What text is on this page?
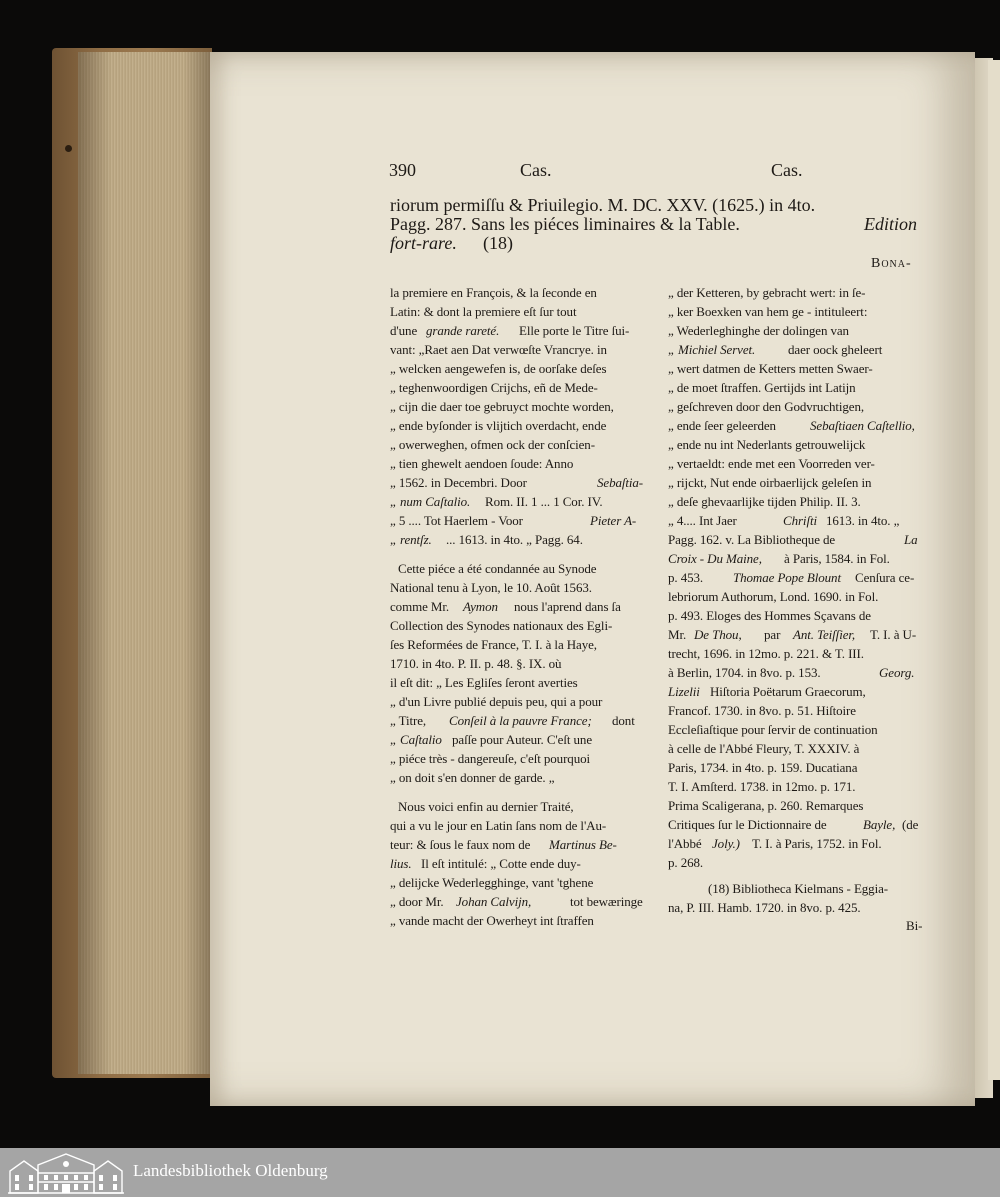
390	Cas.	Cas.
riorum permiſſu & Priuilegio. M. DC. XXV. (1625.) in 4to.
Pagg. 287. Sans les piéces liminaires & la Table.	Edition
fort-rare. (18)
Bona-
la premiere en François, & la ſeconde en
Latin: & dont la premiere eſt ſur tout
d'une grande rareté. Elle porte le Titre ſui-
vant: „Raet aen Dat verwœſte Vrancrye. in
„ welcken aengewefen is, de oorſake deſes
„ teghenwoordigen Crijchs, eñ de Mede-
„ cijn die daer toe gebruyct mochte worden,
„ ende byſonder is vlijtich overdacht, ende
„ owerweghen, ofmen ock der conſcien-
„ tien ghewelt aendoen ſoude: Anno
„ 1562. in Decembri. Door	Sebaſtia-
„ num Caſtalio. Rom. II. 1 ... 1 Cor. IV.
„ 5 .... Tot Haerlem - Voor	Pieter A-
„ rentſz. ... 1613. in 4to. „ Pagg. 64.
Cette piéce a été condannée au Synode
National tenu à Lyon, le 10. Août 1563.
comme Mr. Aymon nous l'aprend dans ſa
Collection des Synodes nationaux des Egli-
ſes Reformées de France, T. I. à la Haye,
1710. in 4to. P. II. p. 48. §. IX. où
il eſt dit: „ Les Egliſes ſeront averties
„ d'un Livre publié depuis peu, qui a pour
„ Titre, Conſeil à la pauvre France; dont
„ Caſtalio paſſe pour Auteur. C'eſt une
„ piéce très - dangereuſe, c'eſt pourquoi
„ on doit s'en donner de garde. „
Nous voici enfin au dernier Traité,
qui a vu le jour en Latin ſans nom de l'Au-
teur: & ſous le faux nom de Martinus Be-
lius. Il eſt intitulé: „ Cotte ende duy-
„ delijcke Wederlegghinge, vant 'tghene
„ door Mr. Johan Calvijn,	tot bewæringe
„ vande macht der Owerheyt int ſtraffen
„ der Ketteren, by gebracht wert: in ſe-
„ ker Boexken van hem ge - intituleert:
„ Wederleghinghe der dolingen van
„ Michiel Servet.	daer oock gheleert
„ wert datmen de Ketters metten Swaer-
„ de moet ſtraffen. Gertijds int Latijn
„ geſchreven door den Godvruchtigen,
„ ende ſeer geleerden	Sebaſtiaen Caſtellio,
„ ende nu int Nederlants getrouwelijck
„ vertaeldt: ende met een Voorreden ver-
„ rijckt, Nut ende oirbaerlijck geleſen in
„ deſe ghevaarlijke tijden Philip. II. 3.
„ 4.... Int Jaer	Chriſti 1613. in 4to. „
Pagg. 162. v. La Bibliotheque de	La
Croix - Du Maine, à Paris, 1584. in Fol.
p. 453. Thomae Pope Blount Cenſura ce-
lebriorum Authorum, Lond. 1690. in Fol.
p. 493. Eloges des Hommes Sçavans de
Mr. De Thou, par Ant. Teiſſier, T. I. à U-
trecht, 1696. in 12mo. p. 221. & T. III.
à Berlin, 1704. in 8vo. p. 153.	Georg.
Lizelii Hiſtoria Poëtarum Graecorum,
Francof. 1730. in 8vo. p. 51. Hiſtoire
Eccleſiaſtique pour ſervir de continuation
à celle de l'Abbé Fleury, T. XXXIV. à
Paris, 1734. in 4to. p. 159. Ducatiana
T. I. Amſterd. 1738. in 12mo. p. 171.
Prima Scaligerana, p. 260. Remarques
Critiques ſur le Dictionnaire de	Bayle, (de
l'Abbé Joly.) T. I. à Paris, 1752. in Fol.
p. 268.
(18) Bibliotheca Kielmans - Eggia-
na, P. III. Hamb. 1720. in 8vo. p. 425.
Bi-
Landesbibliothek Oldenburg
